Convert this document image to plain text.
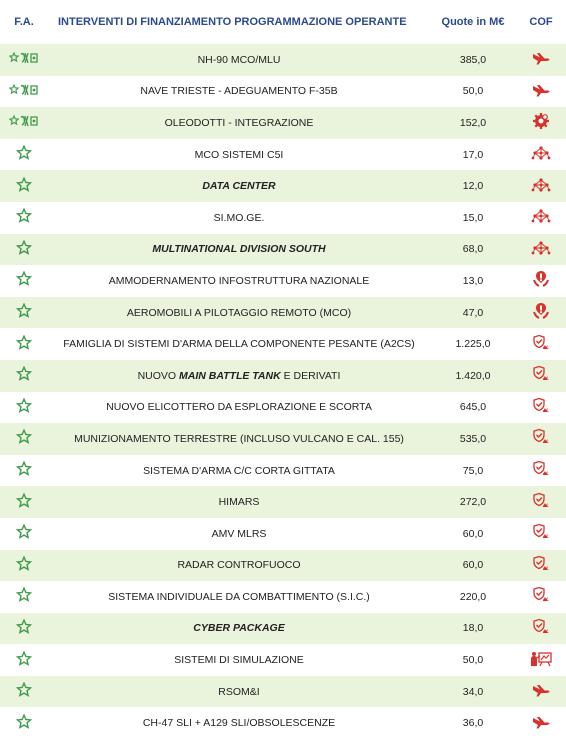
F.A.	INTERVENTI DI FINANZIAMENTO PROGRAMMAZIONE OPERANTE	Quote in M€	COF
NH-90 MCO/MLU	385,0
NAVE TRIESTE - ADEGUAMENTO F-35B	50,0
OLEODOTTI - INTEGRAZIONE	152,0
MCO SISTEMI C5I	17,0
DATA CENTER	12,0
SI.MO.GE.	15,0
MULTINATIONAL DIVISION SOUTH	68,0
AMMODERNAMENTO INFOSTRUTTURA NAZIONALE	13,0
AEROMOBILI A PILOTAGGIO REMOTO (MCO)	47,0
FAMIGLIA DI SISTEMI D'ARMA DELLA COMPONENTE PESANTE (A2CS)	1.225,0
NUOVO MAIN BATTLE TANK E DERIVATI	1.420,0
NUOVO ELICOTTERO DA ESPLORAZIONE E SCORTA	645,0
MUNIZIONAMENTO TERRESTRE (INCLUSO VULCANO E CAL. 155)	535,0
SISTEMA D'ARMA C/C CORTA GITTATA	75,0
HIMARS	272,0
AMV MLRS	60,0
RADAR CONTROFUOCO	60,0
SISTEMA INDIVIDUALE DA COMBATTIMENTO (S.I.C.)	220,0
CYBER PACKAGE	18,0
SISTEMI DI SIMULAZIONE	50,0
RSOM&I	34,0
CH-47 SLI + A129 SLI/OBSOLESCENZE	36,0
